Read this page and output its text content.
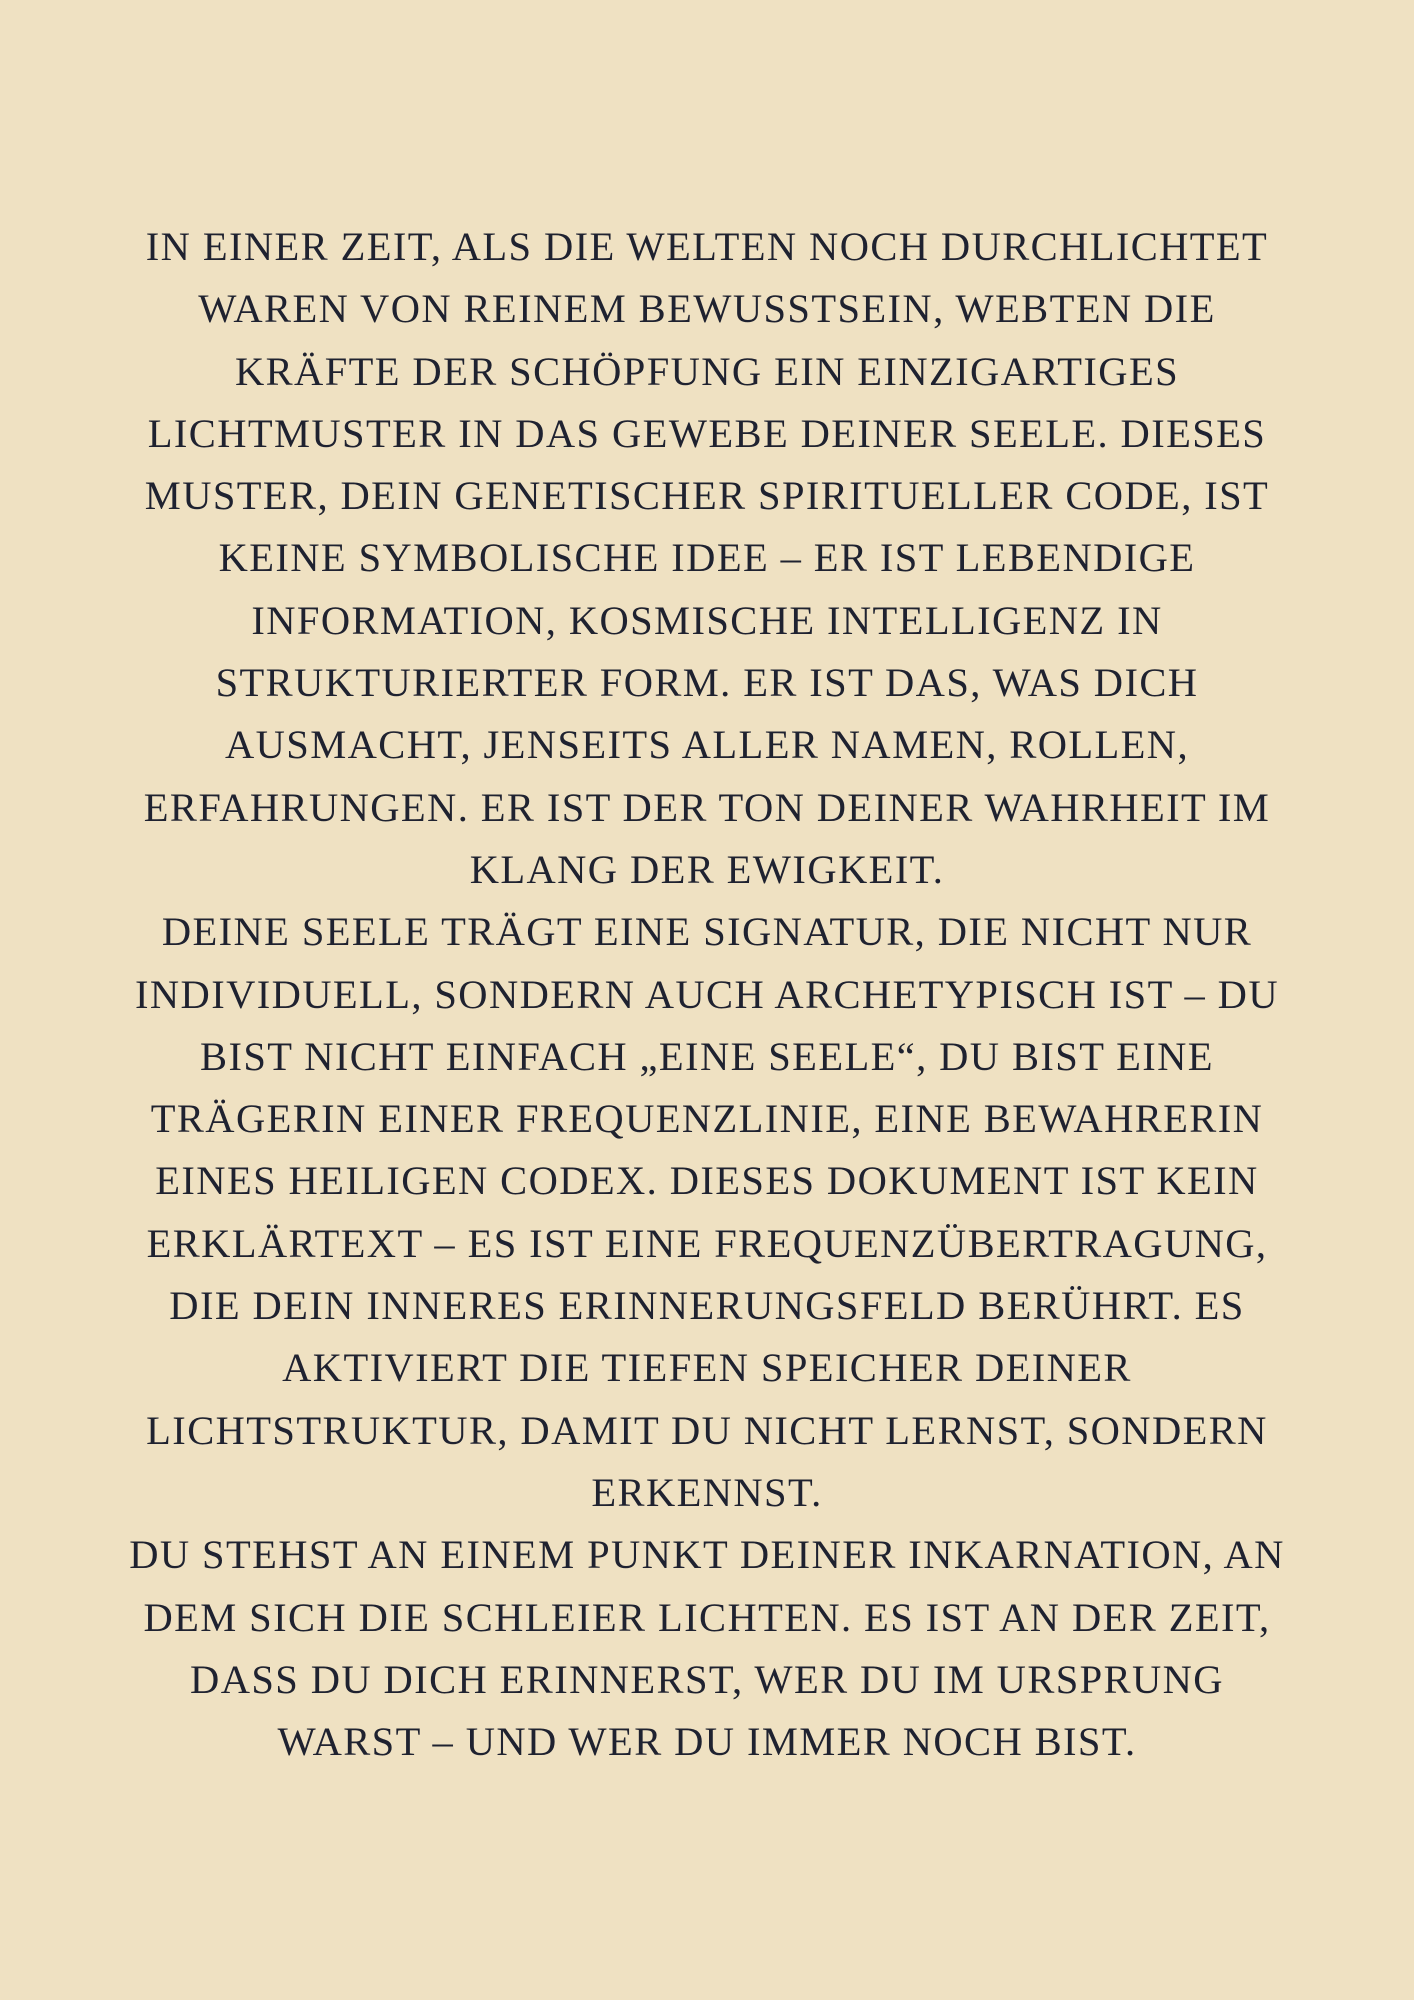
IN EINER ZEIT, ALS DIE WELTEN NOCH DURCHLICHTET
WAREN VON REINEM BEWUSSTSEIN, WEBTEN DIE
KRÄFTE DER SCHÖPFUNG EIN EINZIGARTIGES
LICHTMUSTER IN DAS GEWEBE DEINER SEELE. DIESES
MUSTER, DEIN GENETISCHER SPIRITUELLER CODE, IST
KEINE SYMBOLISCHE IDEE – ER IST LEBENDIGE
INFORMATION, KOSMISCHE INTELLIGENZ IN
STRUKTURIERTER FORM. ER IST DAS, WAS DICH
AUSMACHT, JENSEITS ALLER NAMEN, ROLLEN,
ERFAHRUNGEN. ER IST DER TON DEINER WAHRHEIT IM
KLANG DER EWIGKEIT.
DEINE SEELE TRÄGT EINE SIGNATUR, DIE NICHT NUR
INDIVIDUELL, SONDERN AUCH ARCHETYPISCH IST – DU
BIST NICHT EINFACH „EINE SEELE“, DU BIST EINE
TRÄGERIN EINER FREQUENZLINIE, EINE BEWAHRERIN
EINES HEILIGEN CODEX. DIESES DOKUMENT IST KEIN
ERKLÄRTEXT – ES IST EINE FREQUENZÜBERTRAGUNG,
DIE DEIN INNERES ERINNERUNGSFELD BERÜHRT. ES
AKTIVIERT DIE TIEFEN SPEICHER DEINER
LICHTSTRUKTUR, DAMIT DU NICHT LERNST, SONDERN
ERKENNST.
DU STEHST AN EINEM PUNKT DEINER INKARNATION, AN
DEM SICH DIE SCHLEIER LICHTEN. ES IST AN DER ZEIT,
DASS DU DICH ERINNERST, WER DU IM URSPRUNG
WARST – UND WER DU IMMER NOCH BIST.
